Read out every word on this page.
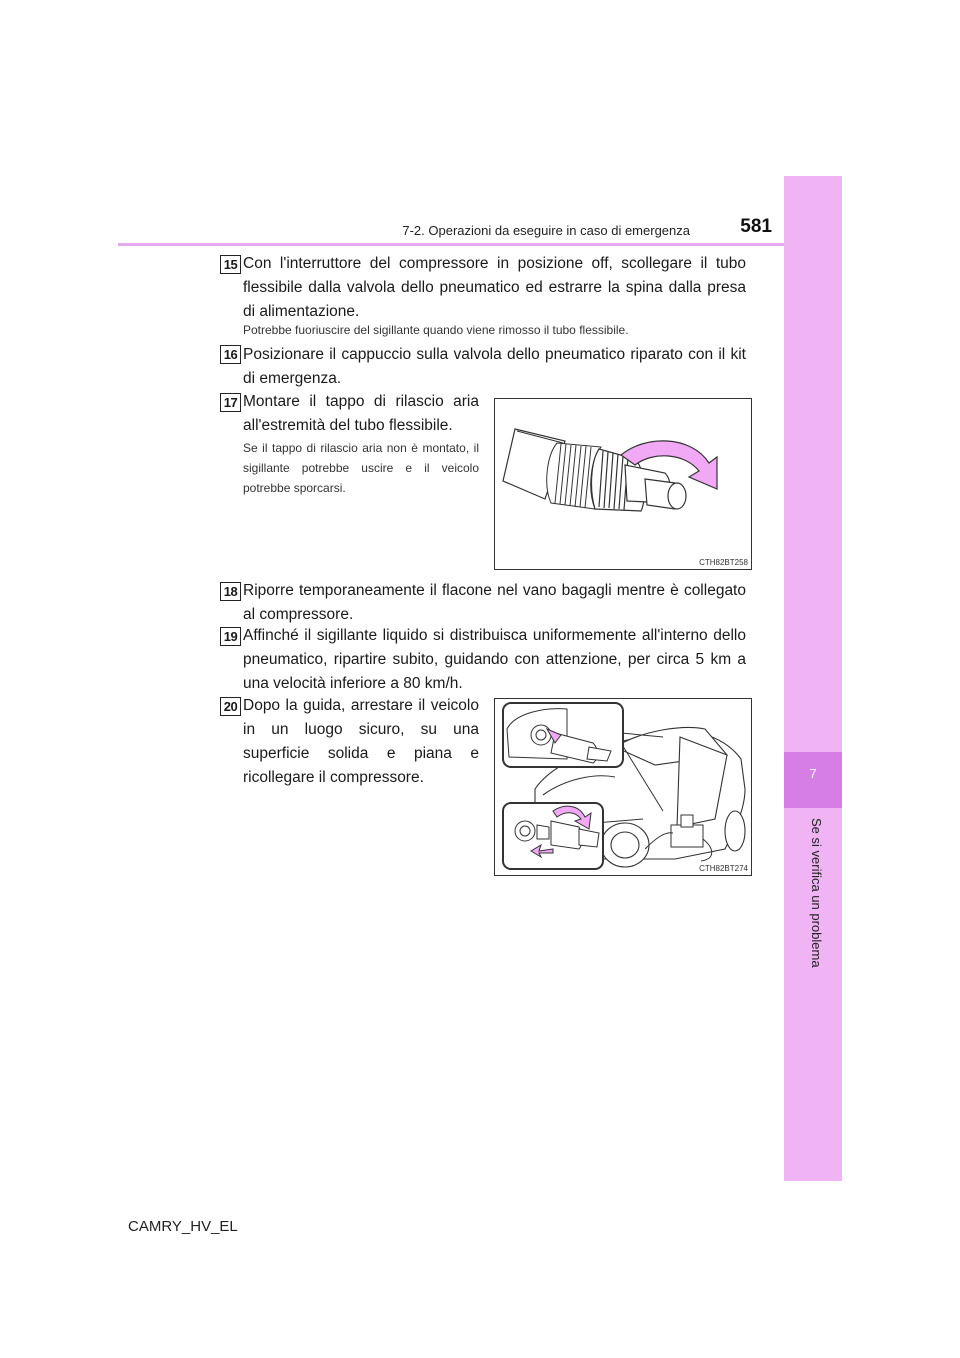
7
Se si verifica un problema
7-2. Operazioni da eseguire in caso di emergenza	581
15 Con l'interruttore del compressore in posizione off, scollegare il tubo flessibile dalla valvola dello pneumatico ed estrarre la spina dalla presa di alimentazione.
Potrebbe fuoriuscire del sigillante quando viene rimosso il tubo flessibile.
16 Posizionare il cappuccio sulla valvola dello pneumatico riparato con il kit di emergenza.
17 Montare il tappo di rilascio aria all'estremità del tubo flessibile.
Se il tappo di rilascio aria non è montato, il sigillante potrebbe uscire e il veicolo potrebbe sporcarsi.
CTH82BT258
18 Riporre temporaneamente il flacone nel vano bagagli mentre è collegato al compressore.
19 Affinché il sigillante liquido si distribuisca uniformemente all'interno dello pneumatico, ripartire subito, guidando con attenzione, per circa 5 km a una velocità inferiore a 80 km/h.
20 Dopo la guida, arrestare il veicolo in un luogo sicuro, su una superficie solida e piana e ricollegare il compressore.
CTH82BT274
CAMRY_HV_EL
